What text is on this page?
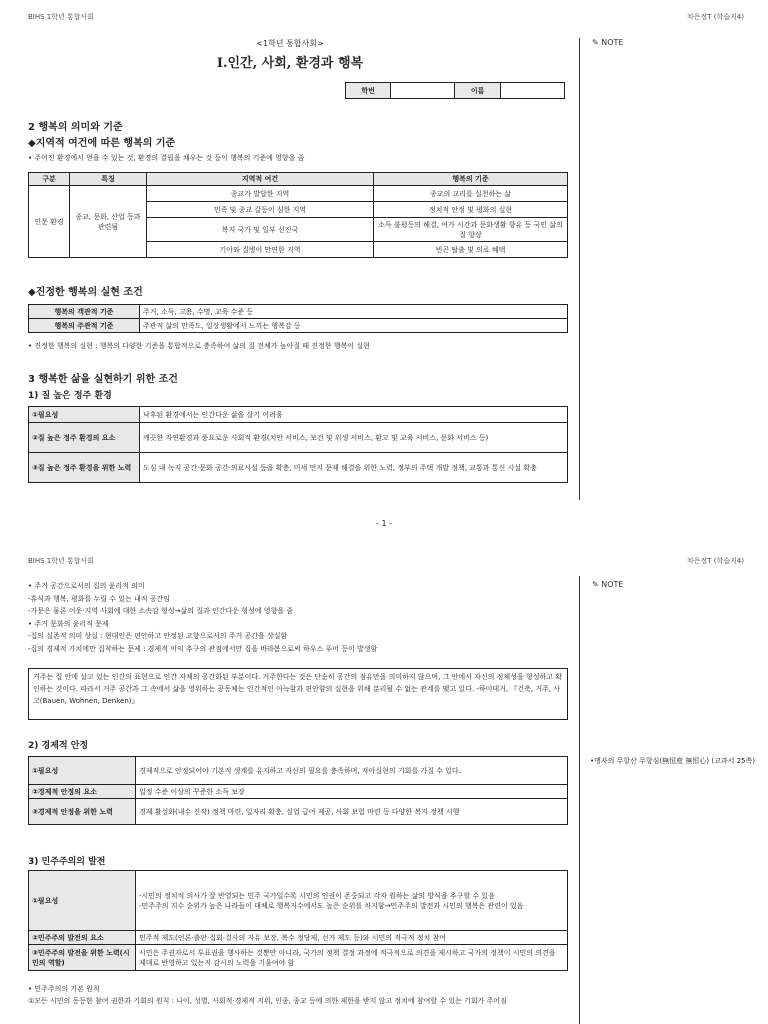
BIHS 1학년 통합사회	차은정T (학습지4)
✎ NOTE
<1학년 통합사회>
Ⅰ.인간, 사회, 환경과 행복
학번		이름	
2 행복의 의미와 기준
◆지역적 여건에 따른 행복의 기준
• 주어진 환경에서 얻을 수 있는 것, 환경의 결핍을 채우는 것 등이 행복의 기준에 영향을 줌
구분	특징	지역적 여건	행복의 기준
인문 환경	종교, 문화, 산업 등과 관련됨	종교가 발달한 지역	종교의 교리를 실천하는 삶
		민족 및 종교 갈등이 심한 지역	정치적 안정 및 평화의 실현
		복지 국가 및 일부 선진국	소득 불평등의 해결, 여가 시간과 문화생활 향유 등 국민 삶의 질 향상
		기아와 질병이 만연한 지역	빈곤 탈출 및 의료 혜택
◆진정한 행복의 실현 조건
행복의 객관적 기준	주거, 소득, 고용, 수명, 교육 수준 등
행복의 주관적 기준	주관적 삶의 만족도, 일상생활에서 느끼는 행복감 등
• 진정한 행복의 실현 : 행복의 다양한 기준을 통합적으로 충족하여 삶의 질 전체가 높아질 때 진정한 행복이 실현
3 행복한 삶을 실현하기 위한 조건
1) 질 높은 정주 환경
①필요성	낙후된 환경에서는 인간다운 삶을 살기 어려움
②질 높은 정주 환경의 요소	깨끗한 자연환경과 풍요로운 사회적 환경(치안 서비스, 보건 및 위생 서비스, 환고 및 교육 서비스, 문화 서비스 등)
③질 높은 정주 환경을 위한 노력	도심 내 녹지 공간·문화 공간·의료시설 등을 확충, 미세 먼지 문제 해결을 위한 노력, 정부의 주택 개발 정책, 교통과 통신 시설 확충
- 1 -
BIHS 1학년 통합사회	차은정T (학습지4)
✎ NOTE
• 주거 공간으로서의 집의 윤리적 의미
-휴식과 행복, 평화를 누릴 수 있는 내적 공간임
-가문은 물론 이웃·지역 사회에 대한 소속감 형성→삶의 질과 인간다운 형성에 영향을 줌
• 주거 문화의 윤리적 문제
-집의 실존적 의미 상실 : 현대인은 편안하고 안정된 고향으로서의 주거 공간을 상실함
-집의 경제적 가치에만 집착하는 문제 : 경제적 이익 추구의 관점에서만 집을 바라봄으로써 하우스 푸어 등이 발생함
거주는 집 안에 살고 있는 인간의 표현으로 인간 자체의 공간화된 부분이다. 거주한다는 것은 단순히 공간의 점유만을 의미하지 않으며, 그 안에서 자신의 정체성을 형성하고 확인하는 것이다. 따라서 거주 공간과 그 속에서 삶을 영위하는 공동체는 인간적인 아늑함과 편안함의 실현을 위해 분리될 수 없는 관계를 맺고 있다. -하이데거, 『건축, 거주, 사고(Bauen, Wohnen, Denken)』
2) 경제적 안정
①필요성	경제적으로 안정되어야 기본적 생계를 유지하고 자신의 필요를 충족하며, 자아실현의 기회를 가질 수 있다.
②경제적 안정의 요소	일정 수준 이상의 꾸준한 소득 보장
③경제적 안정을 위한 노력	경제 활성화(내수 진작) 정책 마련, 일자리 확충, 실업 급여 제공, 사회 보험 마련 등 다양한 복지 정책 시행
•맹자의 무항산 무항심(無恒産 無恒心) (교과서 25쪽)
3) 민주주의의 발전
①필요성	-시민의 정치적 의사가 잘 반영되는 민주 국가일수록 시민의 인권이 존중되고 각자 원하는 삶의 방식을 추구할 수 있음
-민주주의 지수 순위가 높은 나라들이 대체로 행복지수에서도 높은 순위를 차지함→민주주의 발전과 시민의 행복은 관련이 있음
②민주주의 발전의 요소	민주적 제도(언론·출판·집회·결사의 자유 보장, 복수 정당제, 선거 제도 등)와 시민의 적극적 정치 참여
③민주주의 발전을 위한 노력(시민의 역할)	시민은 주권자로서 투표권을 행사하는 것뿐만 아니라, 국가의 정책 결정 과정에 적극적으로 의견을 제시하고 국가의 정책이 시민의 의견을 제대로 반영하고 있는지 감시의 노력을 기울여야 함
• 민주주의의 기본 원칙
①모든 시민의 동등한 참여 권한과 기회의 원칙 : 나이, 성별, 사회적·경제적 지위, 인종, 종교 등에 의한 제한을 받지 않고 정치에 참여할 수 있는 기회가 주어짐
